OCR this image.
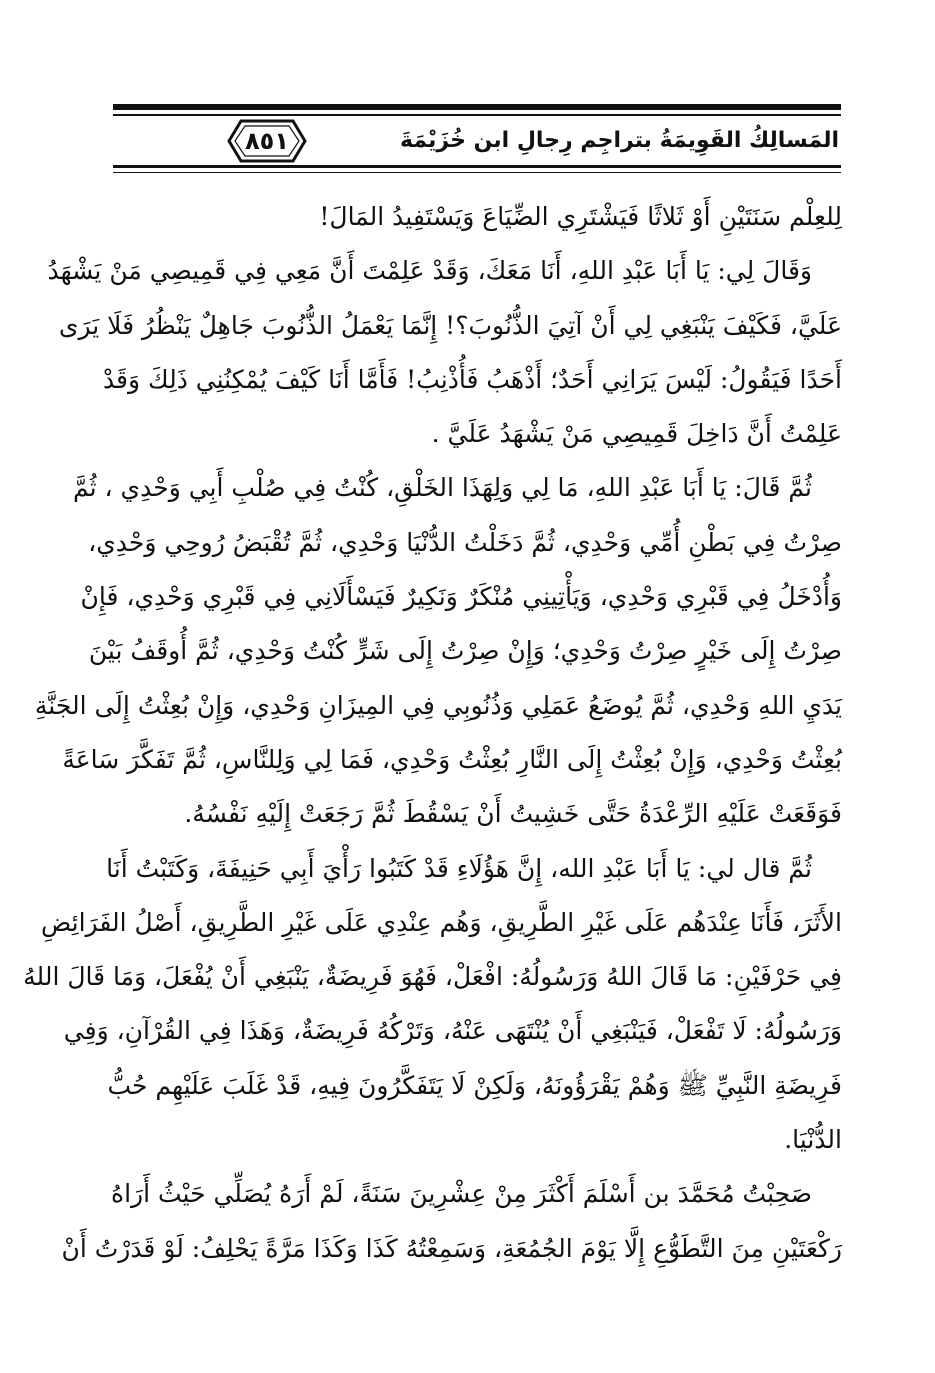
٨٥١	المَسالِكُ القَوِيمَةُ بتراجِم رِجالِ ابن خُزَيْمَةَ
لِلعِلْم سَنَتَيْنِ أَوْ ثَلاثًا فَيَشْتَرِي الضِّيَاعَ وَيَسْتَفِيدُ المَالَ!
وَقَالَ لِي: يَا أَبَا عَبْدِ اللهِ، أَنَا مَعَكَ، وَقَدْ عَلِمْتَ أَنَّ مَعِي فِي قَمِيصِي مَنْ يَشْهَدُ
عَلَيَّ، فَكَيْفَ يَنْبَغِي لِي أَنْ آتِيَ الذُّنُوبَ؟! إِنَّمَا يَعْمَلُ الذُّنُوبَ جَاهِلٌ يَنْظُرُ فَلَا يَرَى
أَحَدًا فَيَقُولُ: لَيْسَ يَرَانِي أَحَدٌ؛ أَذْهَبُ فَأُذْنِبُ! فَأَمَّا أَنَا كَيْفَ يُمْكِنُنِي ذَلِكَ وَقَدْ
عَلِمْتُ أَنَّ دَاخِلَ قَمِيصِي مَنْ يَشْهَدُ عَلَيَّ .
ثُمَّ قَالَ: يَا أَبَا عَبْدِ اللهِ، مَا لِي وَلِهَذَا الخَلْقِ، كُنْتُ فِي صُلْبِ أَبِي وَحْدِي ، ثُمَّ
صِرْتُ فِي بَطْنِ أُمِّي وَحْدِي، ثُمَّ دَخَلْتُ الدُّنْيَا وَحْدِي، ثُمَّ تُقْبَضُ رُوحِي وَحْدِي،
وَأُدْخَلُ فِي قَبْرِي وَحْدِي، وَيَأْتِينِي مُنْكَرٌ وَنَكِيرٌ فَيَسْأَلَانِي فِي قَبْرِي وَحْدِي، فَإِنْ
صِرْتُ إِلَى خَيْرٍ صِرْتُ وَحْدِي؛ وَإِنْ صِرْتُ إِلَى شَرٍّ كُنْتُ وَحْدِي، ثُمَّ أُوقَفُ بَيْنَ
يَدَيِ اللهِ وَحْدِي، ثُمَّ يُوضَعُ عَمَلِي وَذُنُوبِي فِي المِيزَانِ وَحْدِي، وَإِنْ بُعِثْتُ إِلَى الجَنَّةِ
بُعِثْتُ وَحْدِي، وَإِنْ بُعِثْتُ إِلَى النَّارِ بُعِثْتُ وَحْدِي، فَمَا لِي وَلِلنَّاسِ، ثُمَّ تَفَكَّرَ سَاعَةً
فَوَقَعَتْ عَلَيْهِ الرِّعْدَةُ حَتَّى خَشِيتُ أَنْ يَسْقُطَ ثُمَّ رَجَعَتْ إِلَيْهِ نَفْسُهُ.
ثُمَّ قال لي: يَا أَبَا عَبْدِ الله، إِنَّ هَؤُلَاءِ قَدْ كَتَبُوا رَأْيَ أَبِي حَنِيفَةَ، وَكَتَبْتُ أَنَا
الأَثَرَ، فَأَنَا عِنْدَهُم عَلَى غَيْرِ الطَّرِيقِ، وَهُم عِنْدِي عَلَى غَيْرِ الطَّرِيقِ، أَصْلُ الفَرَائِضِ
فِي حَرْفَيْنِ: مَا قَالَ اللهُ وَرَسُولُهُ: افْعَلْ، فَهُوَ فَرِيضَةٌ، يَنْبَغِي أَنْ يُفْعَلَ، وَمَا قَالَ اللهُ
وَرَسُولُهُ: لَا تَفْعَلْ، فَيَنْبَغِي أَنْ يُنْتَهَى عَنْهُ، وَتَرْكُهُ فَرِيضَةٌ، وَهَذَا فِي القُرْآنِ، وَفِي
فَرِيضَةِ النَّبِيِّ ﷺ وَهُمْ يَقْرَؤُونَهُ، وَلَكِنْ لَا يَتَفَكَّرُونَ فِيهِ، قَدْ غَلَبَ عَلَيْهِم حُبُّ
الدُّنْيَا.
صَحِبْتُ مُحَمَّدَ بن أَسْلَمَ أَكْثَرَ مِنْ عِشْرِينَ سَنَةً، لَمْ أَرَهُ يُصَلِّي حَيْثُ أَرَاهُ
رَكْعَتَيْنِ مِنَ التَّطَوُّعِ إِلَّا يَوْمَ الجُمُعَةِ، وَسَمِعْتُهُ كَذَا وَكَذَا مَرَّةً يَحْلِفُ: لَوْ قَدَرْتُ أَنْ
